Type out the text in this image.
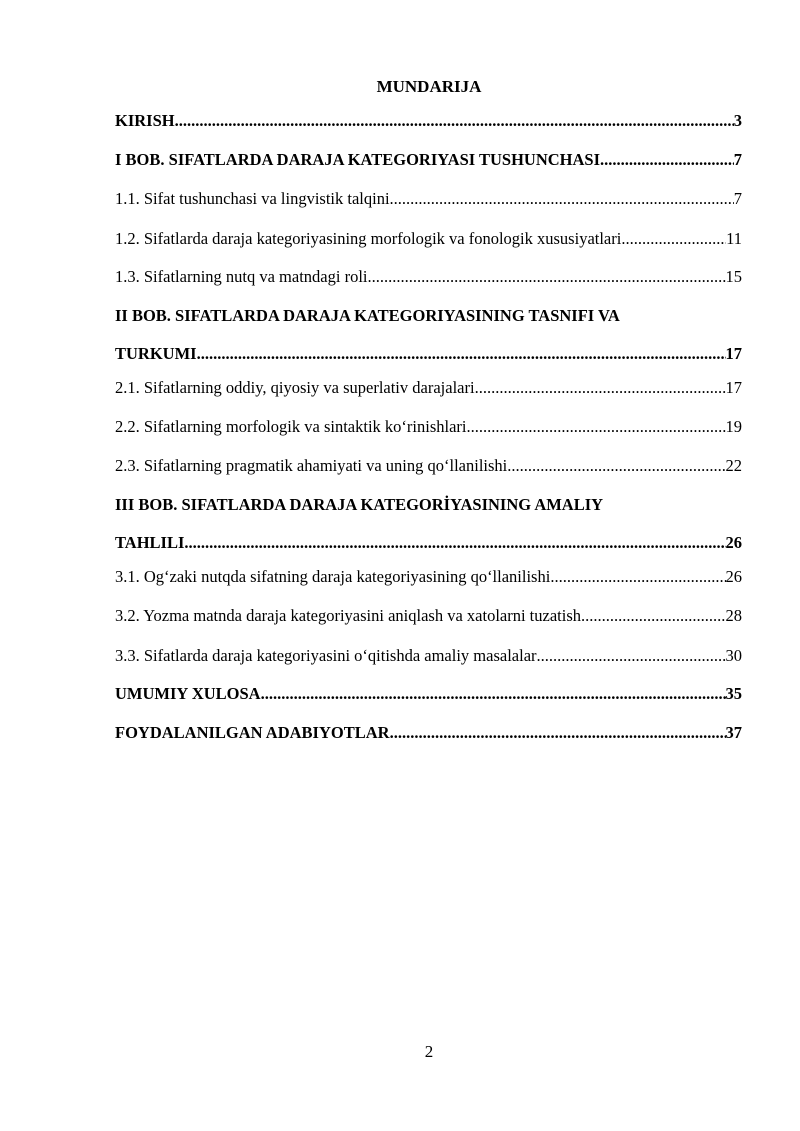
MUNDARIJA
KIRISH .....	3
I BOB. SIFATLARDA DARAJA KATEGORIYASI TUSHUNCHASI .....	7
1.1. Sifat tushunchasi va lingvistik talqini .....	7
1.2. Sifatlarda daraja kategoriyasining morfologik va fonologik xususiyatlari .....	11
1.3. Sifatlarning nutq va matndagi roli .....	15
II BOB. SIFATLARDA DARAJA KATEGORIYASINING TASNIFI VA
TURKUMI .....	17
2.1. Sifatlarning oddiy, qiyosiy va superlativ darajalari .....	17
2.2. Sifatlarning morfologik va sintaktik ko‘rinishlari .....	19
2.3. Sifatlarning pragmatik ahamiyati va uning qo‘llanilishi .....	22
III BOB. SIFATLARDA DARAJA KATEGORİYASINING AMALIY
TAHLILI .....	26
3.1. Og‘zaki nutqda sifatning daraja kategoriyasining qo‘llanilishi .....	26
3.2. Yozma matnda daraja kategoriyasini aniqlash va xatolarni tuzatish .....	28
3.3. Sifatlarda daraja kategoriyasini o‘qitishda amaliy masalalar .....	30
UMUMIY XULOSA .....	35
FOYDALANILGAN ADABIYOTLAR .....	37
2
